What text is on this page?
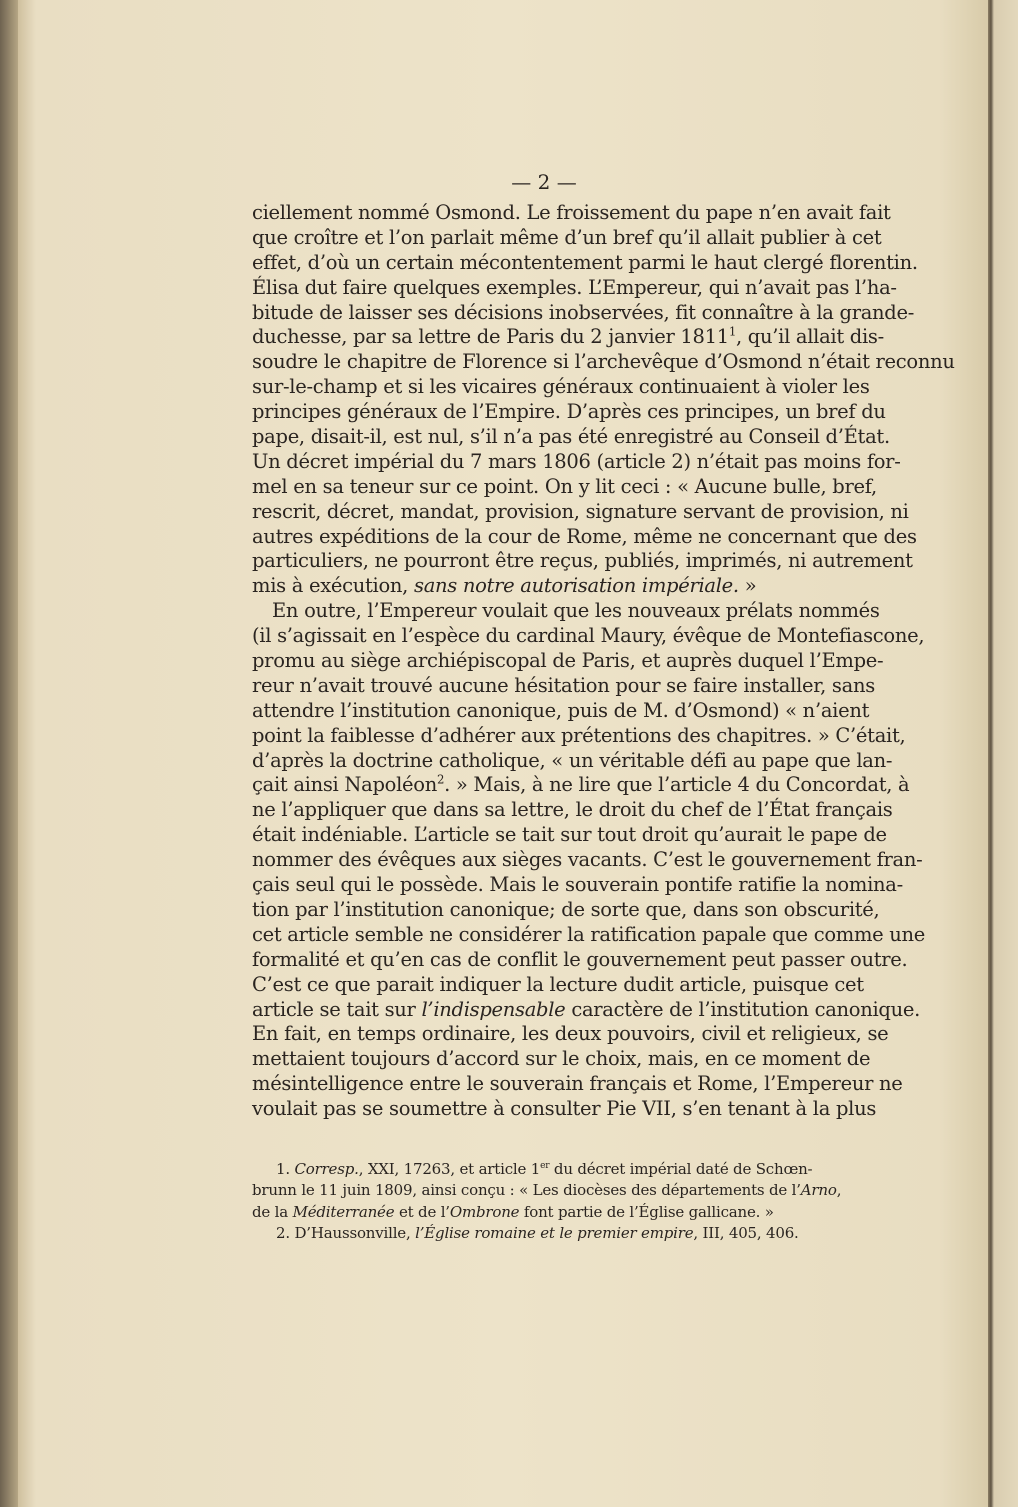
— 2 —
ciellement nommé Osmond. Le froissement du pape n’en avait fait
que croître et l’on parlait même d’un bref qu’il allait publier à cet
effet, d’où un certain mécontentement parmi le haut clergé florentin.
Élisa dut faire quelques exemples. L’Empereur, qui n’avait pas l’ha-
bitude de laisser ses décisions inobservées, fit connaître à la grande-
duchesse, par sa lettre de Paris du 2 janvier 1811$^1$, qu’il allait dis-
soudre le chapitre de Florence si l’archevêque d’Osmond n’était reconnu
sur-le-champ et si les vicaires généraux continuaient à violer les
principes généraux de l’Empire. D’après ces principes, un bref du
pape, disait-il, est nul, s’il n’a pas été enregistré au Conseil d’État.
Un décret impérial du 7 mars 1806 (article 2) n’était pas moins for-
mel en sa teneur sur ce point. On y lit ceci : « Aucune bulle, bref,
rescrit, décret, mandat, provision, signature servant de provision, ni
autres expéditions de la cour de Rome, même ne concernant que des
particuliers, ne pourront être reçus, publiés, imprimés, ni autrement
mis à exécution, sans notre autorisation impériale. »
En outre, l’Empereur voulait que les nouveaux prélats nommés
(il s’agissait en l’espèce du cardinal Maury, évêque de Montefiascone,
promu au siège archiépiscopal de Paris, et auprès duquel l’Empe-
reur n’avait trouvé aucune hésitation pour se faire installer, sans
attendre l’institution canonique, puis de M. d’Osmond) « n’aient
point la faiblesse d’adhérer aux prétentions des chapitres. » C’était,
d’après la doctrine catholique, « un véritable défi au pape que lan-
çait ainsi Napoléon$^2$. » Mais, à ne lire que l’article 4 du Concordat, à
ne l’appliquer que dans sa lettre, le droit du chef de l’État français
était indéniable. L’article se tait sur tout droit qu’aurait le pape de
nommer des évêques aux sièges vacants. C’est le gouvernement fran-
çais seul qui le possède. Mais le souverain pontife ratifie la nomina-
tion par l’institution canonique; de sorte que, dans son obscurité,
cet article semble ne considérer la ratification papale que comme une
formalité et qu’en cas de conflit le gouvernement peut passer outre.
C’est ce que parait indiquer la lecture dudit article, puisque cet
article se tait sur l’indispensable caractère de l’institution canonique.
En fait, en temps ordinaire, les deux pouvoirs, civil et religieux, se
mettaient toujours d’accord sur le choix, mais, en ce moment de
mésintelligence entre le souverain français et Rome, l’Empereur ne
voulait pas se soumettre à consulter Pie VII, s’en tenant à la plus
1. Corresp., XXI, 17263, et article 1er du décret impérial daté de Schœn-
brunn le 11 juin 1809, ainsi conçu : « Les diocèses des départements de l’Arno,
de la Méditerranée et de l’Ombrone font partie de l’Église gallicane. »
2. D’Haussonville, l’Église romaine et le premier empire, III, 405, 406.
